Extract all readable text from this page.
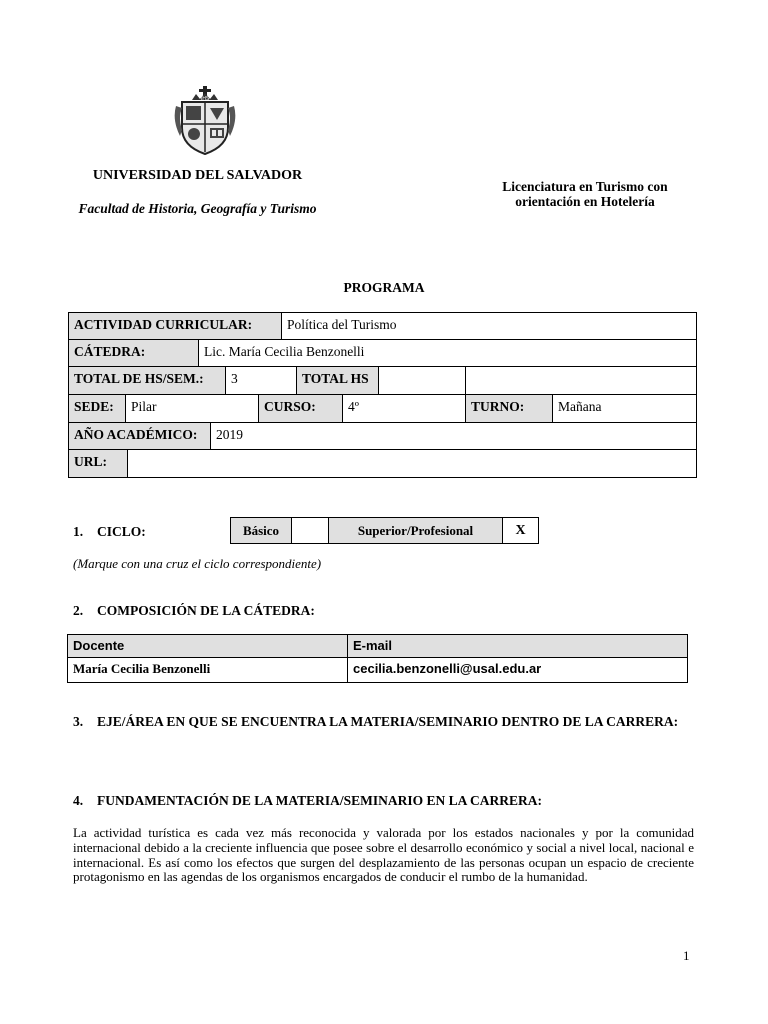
IHS
UNIVERSIDAD DEL SALVADOR
Facultad de Historia, Geografía y Turismo
Licenciatura en Turismo con orientación en Hotelería
PROGRAMA
ACTIVIDAD CURRICULAR:	Política del Turismo
CÁTEDRA:	Lic. María Cecilia Benzonelli
TOTAL DE HS/SEM.:	3	TOTAL HS
SEDE:	Pilar	CURSO:	4º	TURNO:	Mañana
AÑO ACADÉMICO:	2019
URL:
1. CICLO:	Básico	Superior/Profesional	X
(Marque con una cruz el ciclo correspondiente)
2. COMPOSICIÓN DE LA CÁTEDRA:
Docente	E-mail
María Cecilia Benzonelli	cecilia.benzonelli@usal.edu.ar
3. EJE/ÁREA EN QUE SE ENCUENTRA LA MATERIA/SEMINARIO DENTRO DE LA CARRERA:
4. FUNDAMENTACIÓN DE LA MATERIA/SEMINARIO EN LA CARRERA:
La actividad turística es cada vez más reconocida y valorada por los estados nacionales y por la comunidad internacional debido a la creciente influencia que posee sobre el desarrollo económico y social a nivel local, nacional e internacional. Es así como los efectos que surgen del desplazamiento de las personas ocupan un espacio de creciente protagonismo en las agendas de los organismos encargados de conducir el rumbo de la humanidad.
1
